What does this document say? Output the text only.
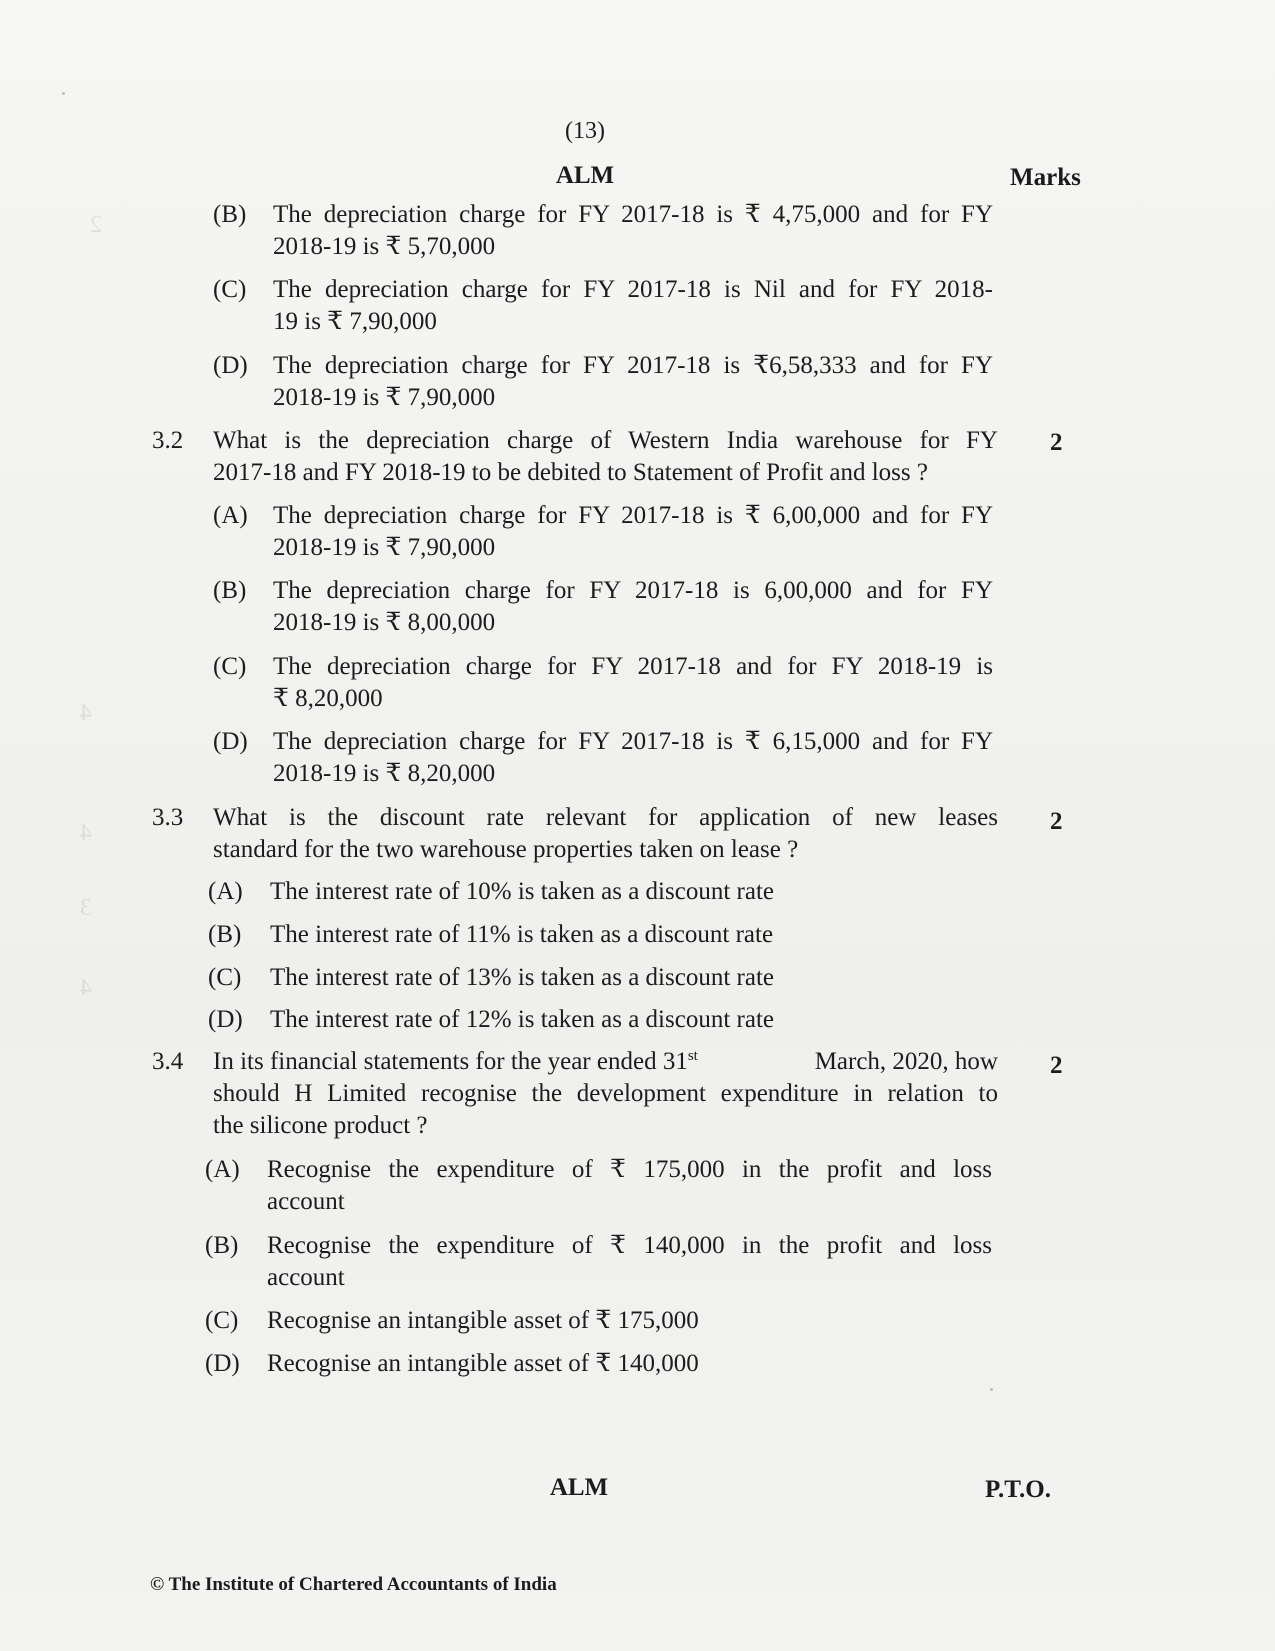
2
4
4
3
4
(13)
ALM	Marks
(B) The depreciation charge for FY 2017-18 is ₹ 4,75,000 and for FY
2018-19 is ₹ 5,70,000
(C) The depreciation charge for FY 2017-18 is Nil and for FY 2018-
19 is ₹ 7,90,000
(D) The depreciation charge for FY 2017-18 is ₹6,58,333 and for FY
2018-19 is ₹ 7,90,000
3.2 What is the depreciation charge of Western India warehouse for FY
2017-18 and FY 2018-19 to be debited to Statement of Profit and loss ?
2
(A) The depreciation charge for FY 2017-18 is ₹ 6,00,000 and for FY
2018-19 is ₹ 7,90,000
(B) The depreciation charge for FY 2017-18 is 6,00,000 and for FY
2018-19 is ₹ 8,00,000
(C) The depreciation charge for FY 2017-18 and for FY 2018-19 is
₹ 8,20,000
(D) The depreciation charge for FY 2017-18 is ₹ 6,15,000 and for FY
2018-19 is ₹ 8,20,000
3.3 What is the discount rate relevant for application of new leases
standard for the two warehouse properties taken on lease ?
2
(A) The interest rate of 10% is taken as a discount rate
(B) The interest rate of 11% is taken as a discount rate
(C) The interest rate of 13% is taken as a discount rate
(D) The interest rate of 12% is taken as a discount rate
3.4 In its financial statements for the year ended 31 $^{st}$	March, 2020, how
should H Limited recognise the development expenditure in relation to
the silicone product ?
2
(A) Recognise the expenditure of ₹ 175,000 in the profit and loss
account
(B) Recognise the expenditure of ₹ 140,000 in the profit and loss
account
(C) Recognise an intangible asset of ₹ 175,000
(D) Recognise an intangible asset of ₹ 140,000
ALM	P.T.O.
© The Institute of Chartered Accountants of India
